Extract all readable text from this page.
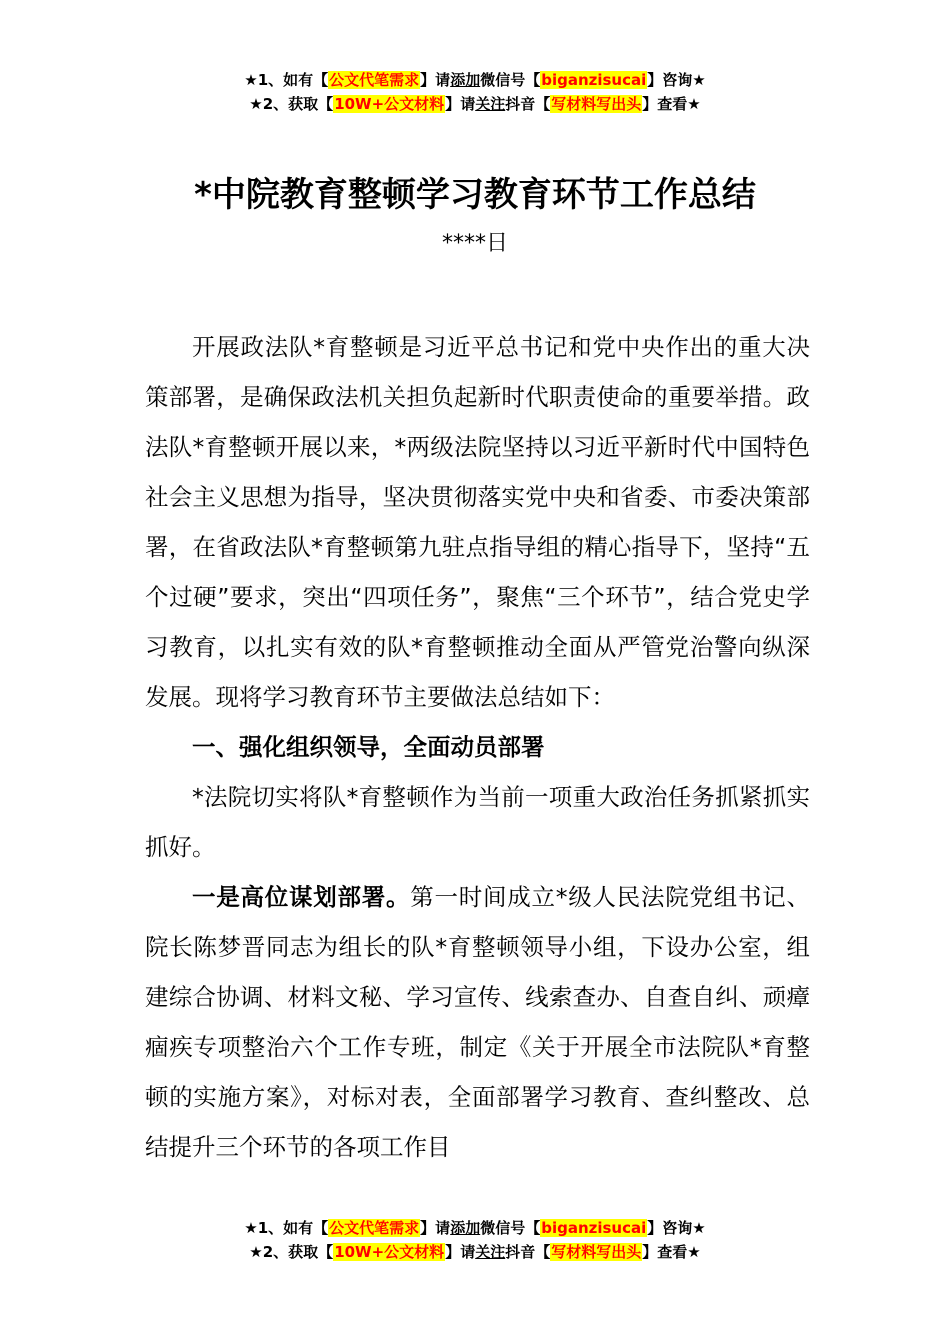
★1、如有【公文代笔需求】请添加微信号【biganzisucai】咨询★
★2、获取【10W+公文材料】请关注抖音【写材料写出头】查看★
*中院教育整顿学习教育环节工作总结
****日

开展政法队*育整顿是习近平总书记和党中央作出的重大决策部署，是确保政法机关担负起新时代职责使命的重要举措。政法队*育整顿开展以来，*两级法院坚持以习近平新时代中国特色社会主义思想为指导，坚决贯彻落实党中央和省委、市委决策部署，在省政法队*育整顿第九驻点指导组的精心指导下，坚持“五个过硬”要求，突出“四项任务”，聚焦“三个环节”，结合党史学习教育，以扎实有效的队*育整顿推动全面从严管党治警向纵深发展。现将学习教育环节主要做法总结如下：

一、强化组织领导，全面动员部署

*法院切实将队*育整顿作为当前一项重大政治任务抓紧抓实抓好。

一是高位谋划部署。第一时间成立*级人民法院党组书记、院长陈梦晋同志为组长的队*育整顿领导小组，下设办公室，组建综合协调、材料文秘、学习宣传、线索查办、自查自纠、顽瘴痼疾专项整治六个工作专班，制定《关于开展全市法院队*育整顿的实施方案》，对标对表，全面部署学习教育、查纠整改、总结提升三个环节的各项工作目

★1、如有【公文代笔需求】请添加微信号【biganzisucai】咨询★
★2、获取【10W+公文材料】请关注抖音【写材料写出头】查看★
